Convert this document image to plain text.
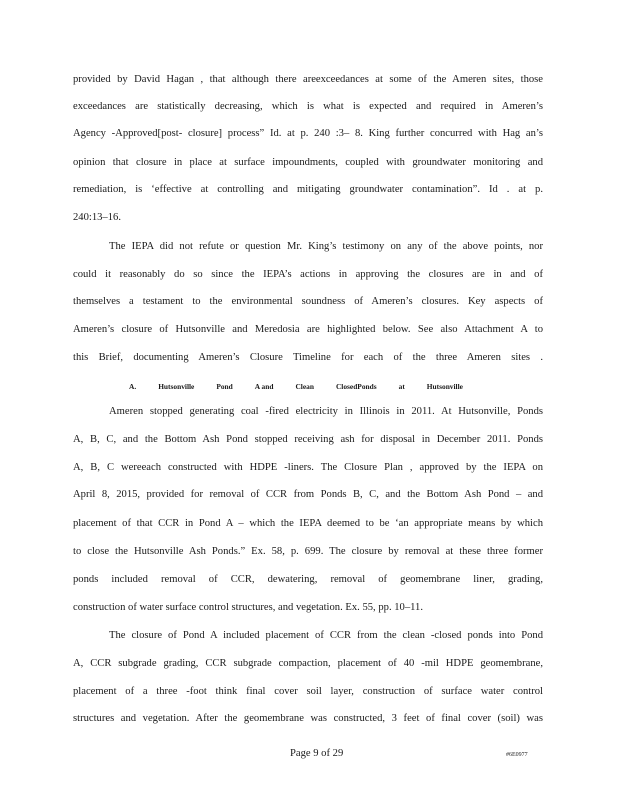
provided by David Hagan , that although there areexceedances at some of the Ameren sites, those
exceedances are statistically decreasing, which is what is expected and required in Ameren’s
Agency -Approved[post- closure] process” Id. at p. 240 :3– 8. King further concurred with Hag an’s
opinion that closure in place at surface impoundments, coupled with groundwater monitoring and
remediation, is ‘effective at controlling and mitigating groundwater contamination”. Id . at p.
240:13–16.
The IEPA did not refute or question Mr. King’s testimony on any of the above points, nor
could it reasonably do so since the IEPA’s actions in approving the closures are in and of
themselves a testament to the environmental soundness of Ameren’s closures. Key aspects of
Ameren’s closure of Hutsonville and Meredosia are highlighted below. See also Attachment A to
this Brief, documenting Ameren’s Closure Timeline for each of the three Ameren sites .
A.	Hutsonville	Pond	A and	Clean	ClosedPonds	at	Hutsonville
Ameren stopped generating coal -fired electricity in Illinois in 2011. At Hutsonville, Ponds
A, B, C, and the Bottom Ash Pond stopped receiving ash for disposal in December 2011. Ponds
A, B, C wereeach constructed with HDPE -liners. The Closure Plan , approved by the IEPA on
April 8, 2015, provided for removal of CCR from Ponds B, C, and the Bottom Ash Pond – and
placement of that CCR in Pond A – which the IEPA deemed to be ‘an appropriate means by which
to close the Hutsonville Ash Ponds.” Ex. 58, p. 699. The closure by removal at these three former
ponds included removal of CCR, dewatering, removal of geomembrane liner, grading,
construction of water surface control structures, and vegetation. Ex. 55, pp. 10–11.
The closure of Pond A included placement of CCR from the clean -closed ponds into Pond
A, CCR subgrade grading, CCR subgrade compaction, placement of 40 -mil HDPE geomembrane,
placement of a three -foot think final cover soil layer, construction of surface water control
structures and vegetation. After the geomembrane was constructed, 3 feet of final cover (soil) was
Page 9 of 29	#6E0977
